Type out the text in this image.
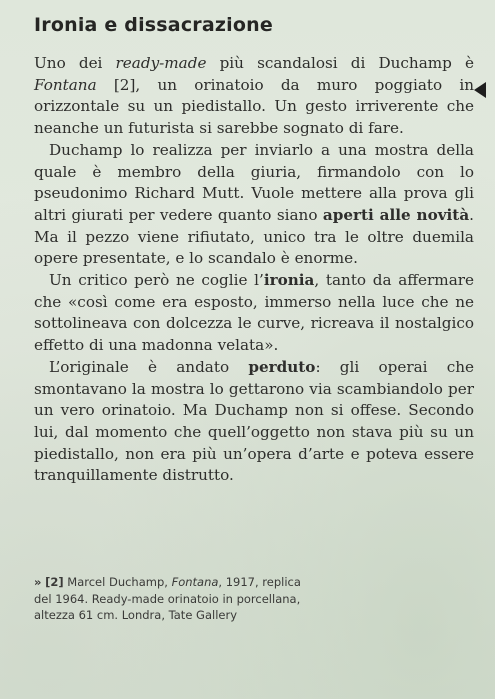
Ironia e dissacrazione

Uno dei ready-made più scandalosi di Duchamp è Fontana [2], un orinatoio da muro poggiato in orizzontale su un piedistallo. Un gesto irriverente che neanche un futurista si sarebbe sognato di fare.

Duchamp lo realizza per inviarlo a una mostra della quale è membro della giuria, firmandolo con lo pseudonimo Richard Mutt. Vuole mettere alla prova gli altri giurati per vedere quanto siano aperti alle novità. Ma il pezzo viene rifiutato, unico tra le oltre duemila opere presentate, e lo scandalo è enorme.

Un critico però ne coglie l’ironia, tanto da affermare che «così come era esposto, immerso nella luce che ne sottolineava con dolcezza le curve, ricreava il nostalgico effetto di una madonna velata».

L’originale è andato perduto: gli operai che smontavano la mostra lo gettarono via scambiandolo per un vero orinatoio. Ma Duchamp non si offese. Secondo lui, dal momento che quell’oggetto non stava più su un piedistallo, non era più un’opera d’arte e poteva essere tranquillamente distrutto.

» [2] Marcel Duchamp, Fontana, 1917, replica del 1964. Ready-made orinatoio in porcellana, altezza 61 cm. Londra, Tate Gallery
